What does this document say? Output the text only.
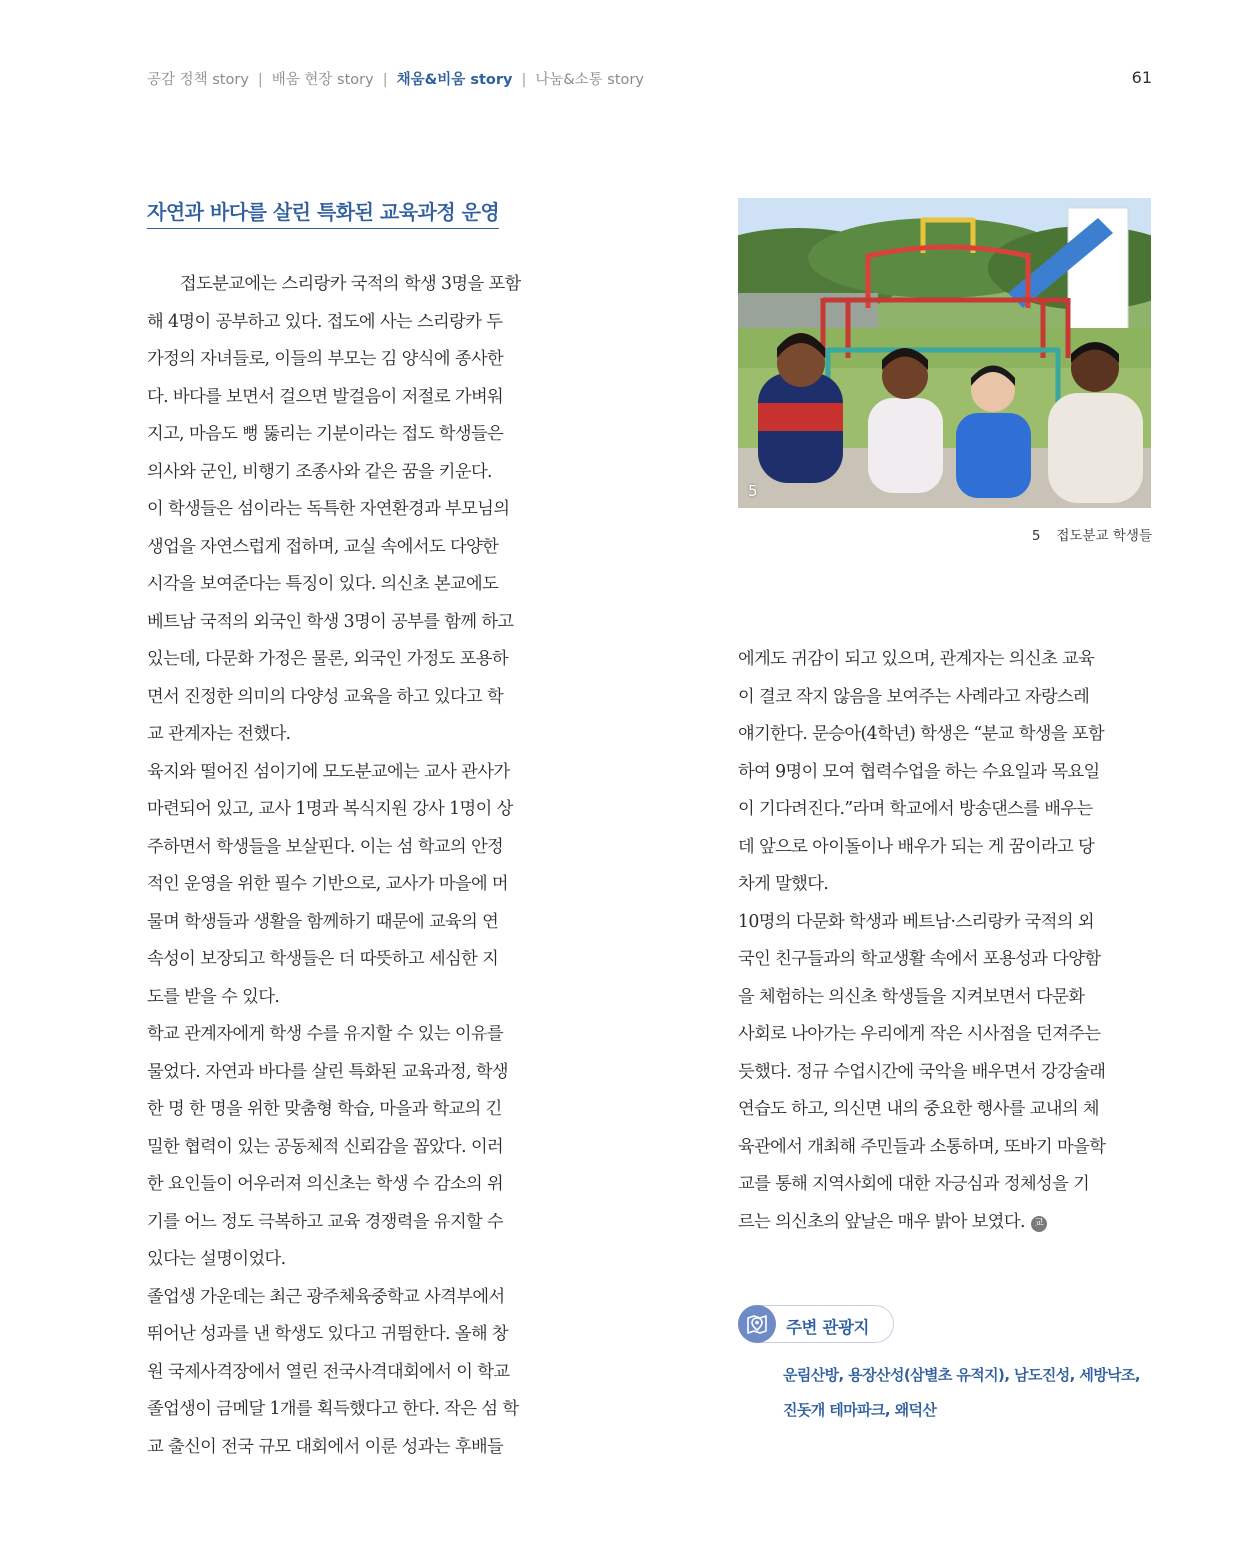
공감 정책 story | 배움 현장 story | 채움&비움 story | 나눔&소통 story	61
자연과 바다를 살린 특화된 교육과정 운영

접도분교에는 스리랑카 국적의 학생 3명을 포함

해 4명이 공부하고 있다. 접도에 사는 스리랑카 두

가정의 자녀들로, 이들의 부모는 김 양식에 종사한

다. 바다를 보면서 걸으면 발걸음이 저절로 가벼워

지고, 마음도 뻥 뚫리는 기분이라는 접도 학생들은

의사와 군인, 비행기 조종사와 같은 꿈을 키운다.

이 학생들은 섬이라는 독특한 자연환경과 부모님의

생업을 자연스럽게 접하며, 교실 속에서도 다양한

시각을 보여준다는 특징이 있다. 의신초 본교에도

베트남 국적의 외국인 학생 3명이 공부를 함께 하고

있는데, 다문화 가정은 물론, 외국인 가정도 포용하

면서 진정한 의미의 다양성 교육을 하고 있다고 학

교 관계자는 전했다.

육지와 떨어진 섬이기에 모도분교에는 교사 관사가

마련되어 있고, 교사 1명과 복식지원 강사 1명이 상

주하면서 학생들을 보살핀다. 이는 섬 학교의 안정

적인 운영을 위한 필수 기반으로, 교사가 마을에 머

물며 학생들과 생활을 함께하기 때문에 교육의 연

속성이 보장되고 학생들은 더 따뜻하고 세심한 지

도를 받을 수 있다.

학교 관계자에게 학생 수를 유지할 수 있는 이유를

물었다. 자연과 바다를 살린 특화된 교육과정, 학생

한 명 한 명을 위한 맞춤형 학습, 마을과 학교의 긴

밀한 협력이 있는 공동체적 신뢰감을 꼽았다. 이러

한 요인들이 어우러져 의신초는 학생 수 감소의 위

기를 어느 정도 극복하고 교육 경쟁력을 유지할 수

있다는 설명이었다.

졸업생 가운데는 최근 광주체육중학교 사격부에서

뛰어난 성과를 낸 학생도 있다고 귀띔한다. 올해 창

원 국제사격장에서 열린 전국사격대회에서 이 학교

졸업생이 금메달 1개를 획득했다고 한다. 작은 섬 학

교 출신이 전국 규모 대회에서 이룬 성과는 후배들

5
5 접도분교 학생들

에게도 귀감이 되고 있으며, 관계자는 의신초 교육

이 결코 작지 않음을 보여주는 사례라고 자랑스레

얘기한다. 문승아(4학년) 학생은 “분교 학생을 포함

하여 9명이 모여 협력수업을 하는 수요일과 목요일

이 기다려진다.”라며 학교에서 방송댄스를 배우는

데 앞으로 아이돌이나 배우가 되는 게 꿈이라고 당

차게 말했다.

10명의 다문화 학생과 베트남·스리랑카 국적의 외

국인 친구들과의 학교생활 속에서 포용성과 다양함

을 체험하는 의신초 학생들을 지켜보면서 다문화

사회로 나아가는 우리에게 작은 시사점을 던져주는

듯했다. 정규 수업시간에 국악을 배우면서 강강술래

연습도 하고, 의신면 내의 중요한 행사를 교내의 체

육관에서 개최해 주민들과 소통하며, 또바기 마을학

교를 통해 지역사회에 대한 자긍심과 정체성을 기

르는 의신초의 앞날은 매우 밝아 보였다. 교

주변 관광지
운림산방, 용장산성(삼별초 유적지), 남도진성, 세방낙조,
진돗개 테마파크, 왜덕산
